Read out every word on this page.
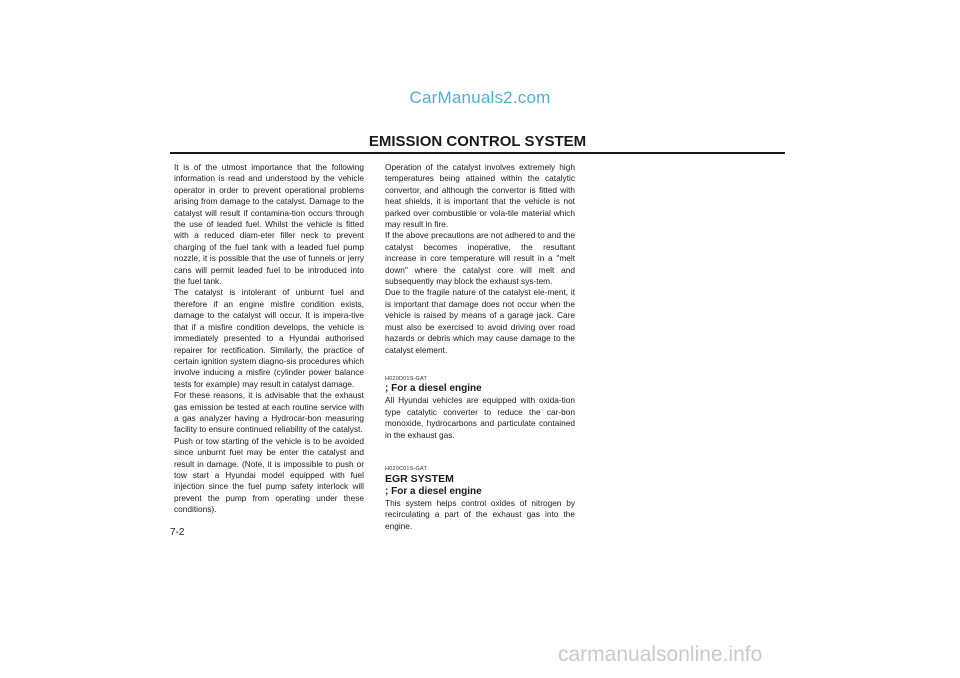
CarManuals2.com
EMISSION CONTROL SYSTEM

It is of the utmost importance that the following information is read and understood by the vehicle operator in order to prevent operational problems arising from damage to the catalyst. Damage to the catalyst will result if contamina-tion occurs through the use of leaded fuel. Whilst the vehicle is fitted with a reduced diam-eter filler neck to prevent charging of the fuel tank with a leaded fuel pump nozzle, it is possible that the use of funnels or jerry cans will permit leaded fuel to be introduced into the fuel tank.

The catalyst is intolerant of unburnt fuel and therefore if an engine misfire condition exists, damage to the catalyst will occur. It is impera-tive that if a misfire condition develops, the vehicle is immediately presented to a Hyundai authorised repairer for rectification. Similarly, the practice of certain ignition system diagno-sis procedures which involve inducing a misfire (cylinder power balance tests for example) may result in catalyst damage.

For these reasons, it is advisable that the exhaust gas emission be tested at each routine service with a gas analyzer having a Hydrocar-bon measuring facility to ensure continued reliability of the catalyst.

Push or tow starting of the vehicle is to be avoided since unburnt fuel may be enter the catalyst and result in damage. (Note, it is impossible to push or tow start a Hyundai model equipped with fuel injection since the fuel pump safety interlock will prevent the pump from operating under these conditions).

Operation of the catalyst involves extremely high temperatures being attained within the catalytic convertor, and although the convertor is fitted with heat shields, it is important that the vehicle is not parked over combustible or vola-tile material which may result in fire.

If the above precautions are not adhered to and the catalyst becomes inoperative, the resultant increase in core temperature will result in a "melt down" where the catalyst core will melt and subsequently may block the exhaust sys-tem.

Due to the fragile nature of the catalyst ele-ment, it is important that damage does not occur when the vehicle is raised by means of a garage jack. Care must also be exercised to avoid driving over road hazards or debris which may cause damage to the catalyst element.

H020D01S-GAT

; For a diesel engine

All Hyundai vehicles are equipped with oxida-tion type catalytic converter to reduce the car-bon monoxide, hydrocarbons and particulate contained in the exhaust gas.

H020C01S-GAT

EGR SYSTEM

; For a diesel engine

This system helps control oxides of nitrogen by recirculating a part of the exhaust gas into the engine.

7-2
carmanualsonline.info
